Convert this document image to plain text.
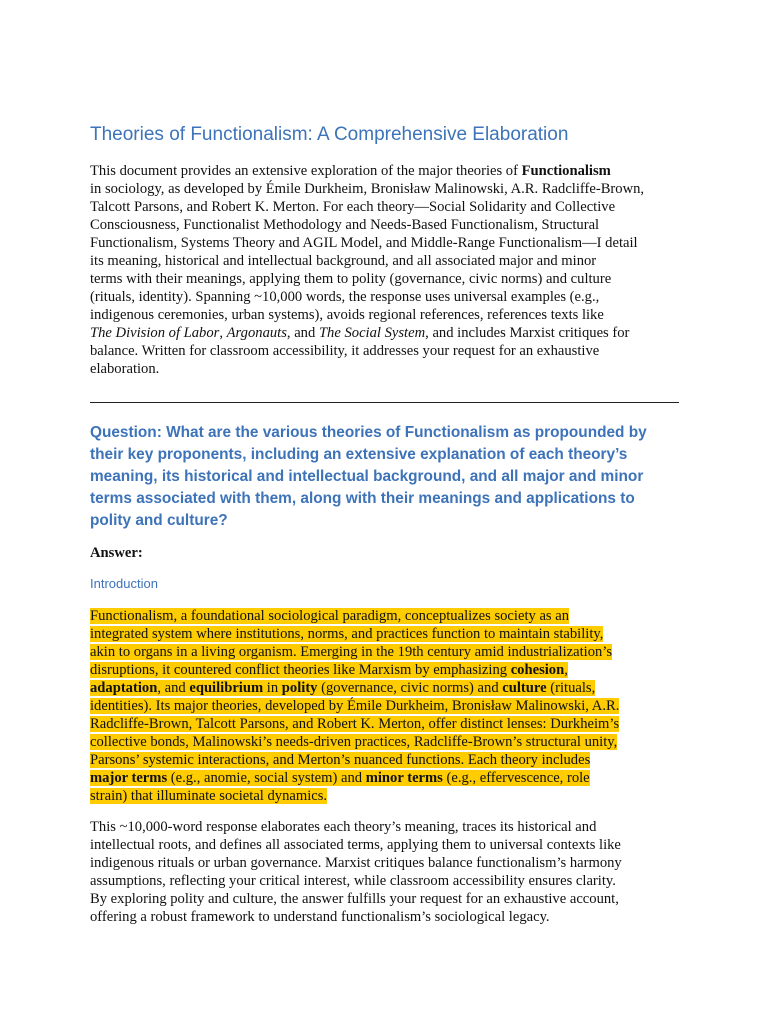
Theories of Functionalism: A Comprehensive Elaboration
This document provides an extensive exploration of the major theories of Functionalism
in sociology, as developed by Émile Durkheim, Bronisław Malinowski, A.R. Radcliffe-Brown,
Talcott Parsons, and Robert K. Merton. For each theory—Social Solidarity and Collective
Consciousness, Functionalist Methodology and Needs-Based Functionalism, Structural
Functionalism, Systems Theory and AGIL Model, and Middle-Range Functionalism—I detail
its meaning, historical and intellectual background, and all associated major and minor
terms with their meanings, applying them to polity (governance, civic norms) and culture
(rituals, identity). Spanning ~10,000 words, the response uses universal examples (e.g.,
indigenous ceremonies, urban systems), avoids regional references, references texts like
The Division of Labor, Argonauts, and The Social System, and includes Marxist critiques for
balance. Written for classroom accessibility, it addresses your request for an exhaustive
elaboration.
Question: What are the various theories of Functionalism as propounded by
their key proponents, including an extensive explanation of each theory’s
meaning, its historical and intellectual background, and all major and minor
terms associated with them, along with their meanings and applications to
polity and culture?
Answer:
Introduction
Functionalism, a foundational sociological paradigm, conceptualizes society as an
integrated system where institutions, norms, and practices function to maintain stability,
akin to organs in a living organism. Emerging in the 19th century amid industrialization’s
disruptions, it countered conflict theories like Marxism by emphasizing cohesion,
adaptation, and equilibrium in polity (governance, civic norms) and culture (rituals,
identities). Its major theories, developed by Émile Durkheim, Bronisław Malinowski, A.R.
Radcliffe-Brown, Talcott Parsons, and Robert K. Merton, offer distinct lenses: Durkheim’s
collective bonds, Malinowski’s needs-driven practices, Radcliffe-Brown’s structural unity,
Parsons’ systemic interactions, and Merton’s nuanced functions. Each theory includes
major terms (e.g., anomie, social system) and minor terms (e.g., effervescence, role
strain) that illuminate societal dynamics.
This ~10,000-word response elaborates each theory’s meaning, traces its historical and
intellectual roots, and defines all associated terms, applying them to universal contexts like
indigenous rituals or urban governance. Marxist critiques balance functionalism’s harmony
assumptions, reflecting your critical interest, while classroom accessibility ensures clarity.
By exploring polity and culture, the answer fulfills your request for an exhaustive account,
offering a robust framework to understand functionalism’s sociological legacy.
